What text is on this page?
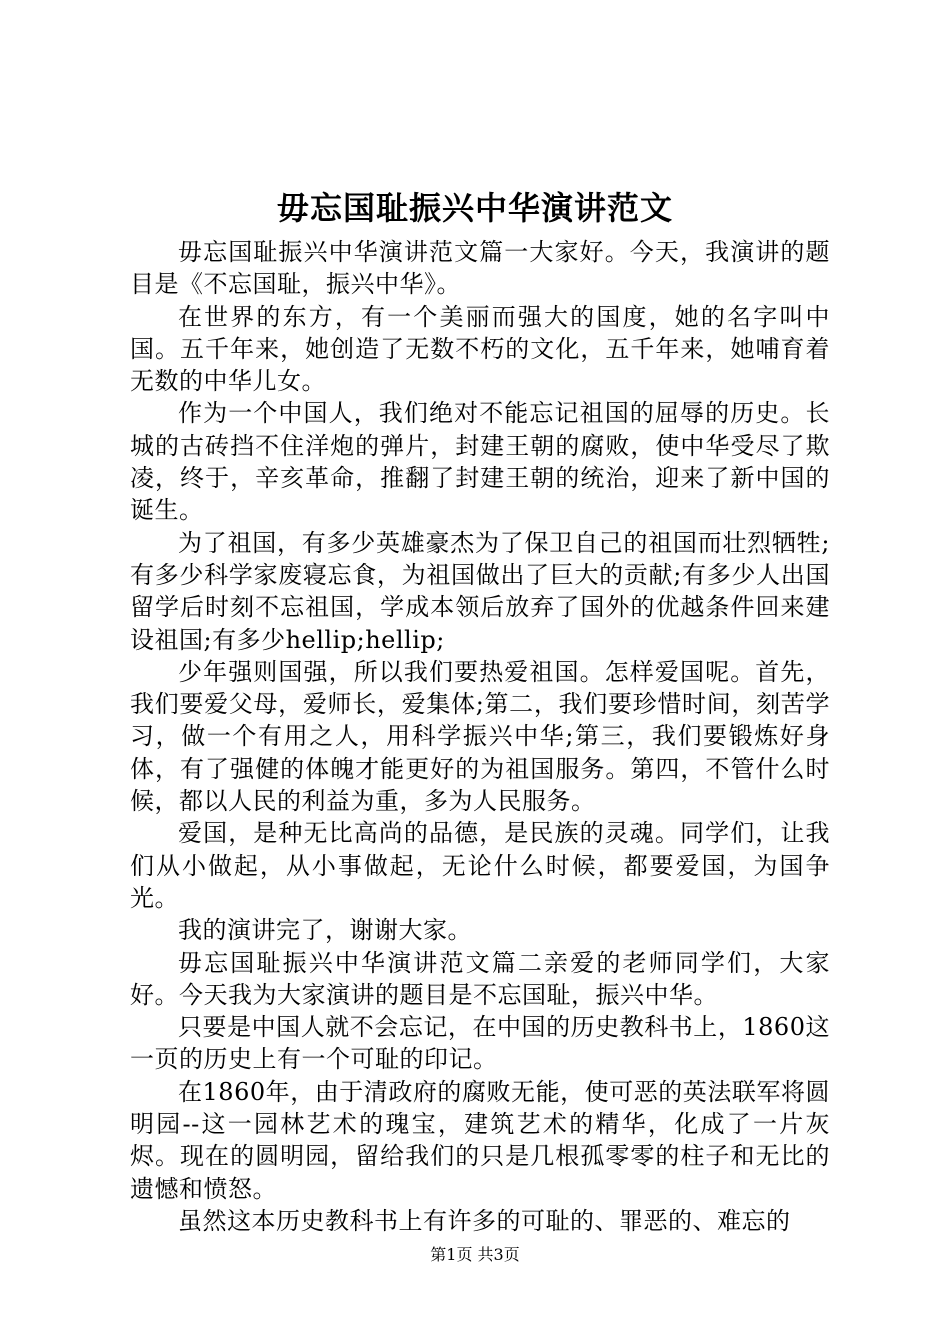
毋忘国耻振兴中华演讲范文

毋忘国耻振兴中华演讲范文篇一大家好。今天，我演讲的题目是《不忘国耻，振兴中华》。

在世界的东方，有一个美丽而强大的国度，她的名字叫中国。五千年来，她创造了无数不朽的文化，五千年来，她哺育着无数的中华儿女。

作为一个中国人，我们绝对不能忘记祖国的屈辱的历史。长城的古砖挡不住洋炮的弹片，封建王朝的腐败，使中华受尽了欺凌，终于，辛亥革命，推翻了封建王朝的统治，迎来了新中国的诞生。

为了祖国，有多少英雄豪杰为了保卫自己的祖国而壮烈牺牲;有多少科学家废寝忘食，为祖国做出了巨大的贡献;有多少人出国留学后时刻不忘祖国，学成本领后放弃了国外的优越条件回来建设祖国;有多少hellip;hellip;

少年强则国强，所以我们要热爱祖国。怎样爱国呢。首先，我们要爱父母，爱师长，爱集体;第二，我们要珍惜时间，刻苦学习，做一个有用之人，用科学振兴中华;第三，我们要锻炼好身体，有了强健的体魄才能更好的为祖国服务。第四，不管什么时候，都以人民的利益为重，多为人民服务。

爱国，是种无比高尚的品德，是民族的灵魂。同学们，让我们从小做起，从小事做起，无论什么时候，都要爱国，为国争光。

我的演讲完了，谢谢大家。

毋忘国耻振兴中华演讲范文篇二亲爱的老师同学们，大家好。今天我为大家演讲的题目是不忘国耻，振兴中华。

只要是中国人就不会忘记，在中国的历史教科书上，1860这一页的历史上有一个可耻的印记。

在1860年，由于清政府的腐败无能，使可恶的英法联军将圆明园--这一园林艺术的瑰宝，建筑艺术的精华，化成了一片灰烬。现在的圆明园，留给我们的只是几根孤零零的柱子和无比的遗憾和愤怒。

虽然这本历史教科书上有许多的可耻的、罪恶的、难忘的

第1页 共3页
